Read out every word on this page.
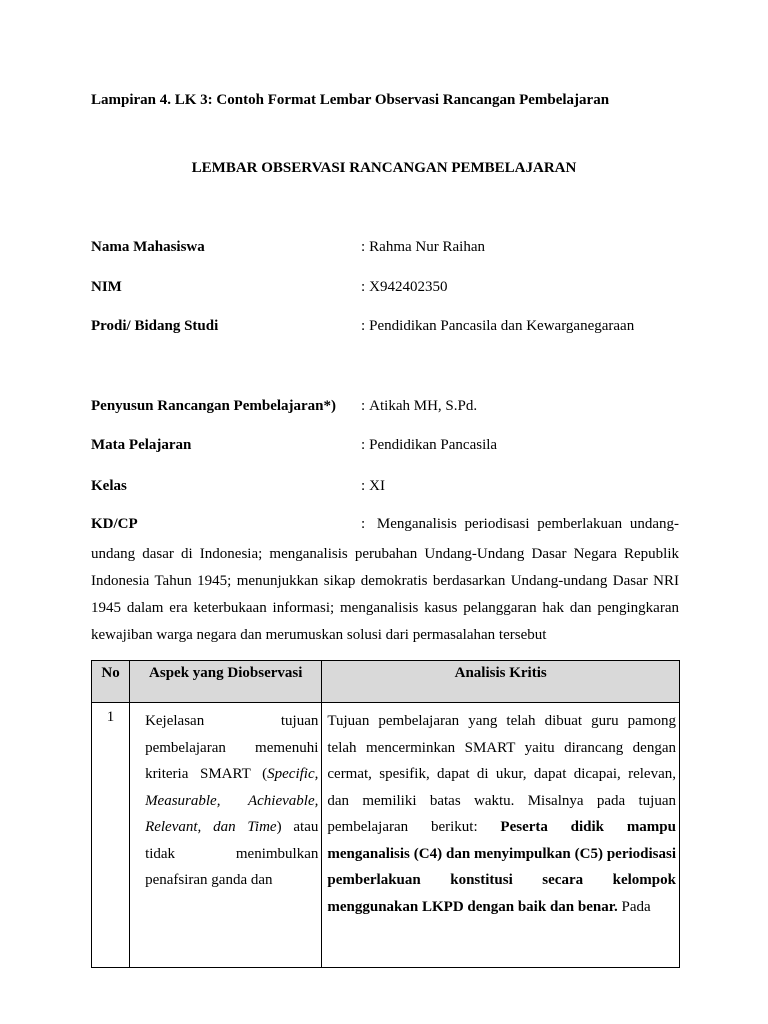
Lampiran 4. LK 3: Contoh Format Lembar Observasi Rancangan Pembelajaran
LEMBAR OBSERVASI RANCANGAN PEMBELAJARAN
Nama Mahasiswa	: Rahma Nur Raihan
NIM	: X942402350
Prodi/ Bidang Studi	: Pendidikan Pancasila dan Kewarganegaraan
Penyusun Rancangan Pembelajaran*) : Atikah MH, S.Pd.
Mata Pelajaran	: Pendidikan Pancasila
Kelas	: XI
KD/CP	: Menganalisis periodisasi pemberlakuan undang-
undang dasar di Indonesia; menganalisis perubahan Undang-Undang Dasar Negara Republik Indonesia Tahun 1945; menunjukkan sikap demokratis berdasarkan Undang-undang Dasar NRI 1945 dalam era keterbukaan informasi; menganalisis kasus pelanggaran hak dan pengingkaran kewajiban warga negara dan merumuskan solusi dari permasalahan tersebut
No	Aspek yang Diobservasi	Analisis Kritis
1	Kejelasan tujuan pembelajaran memenuhi kriteria SMART (Specific, Measurable, Achievable, Relevant, dan Time) atau tidak menimbulkan penafsiran ganda dan	Tujuan pembelajaran yang telah dibuat guru pamong telah mencerminkan SMART yaitu dirancang dengan cermat, spesifik, dapat di ukur, dapat dicapai, relevan, dan memiliki batas waktu. Misalnya pada tujuan pembelajaran berikut: Peserta didik mampu menganalisis (C4) dan menyimpulkan (C5) periodisasi pemberlakuan konstitusi secara kelompok menggunakan LKPD dengan baik dan benar. Pada
